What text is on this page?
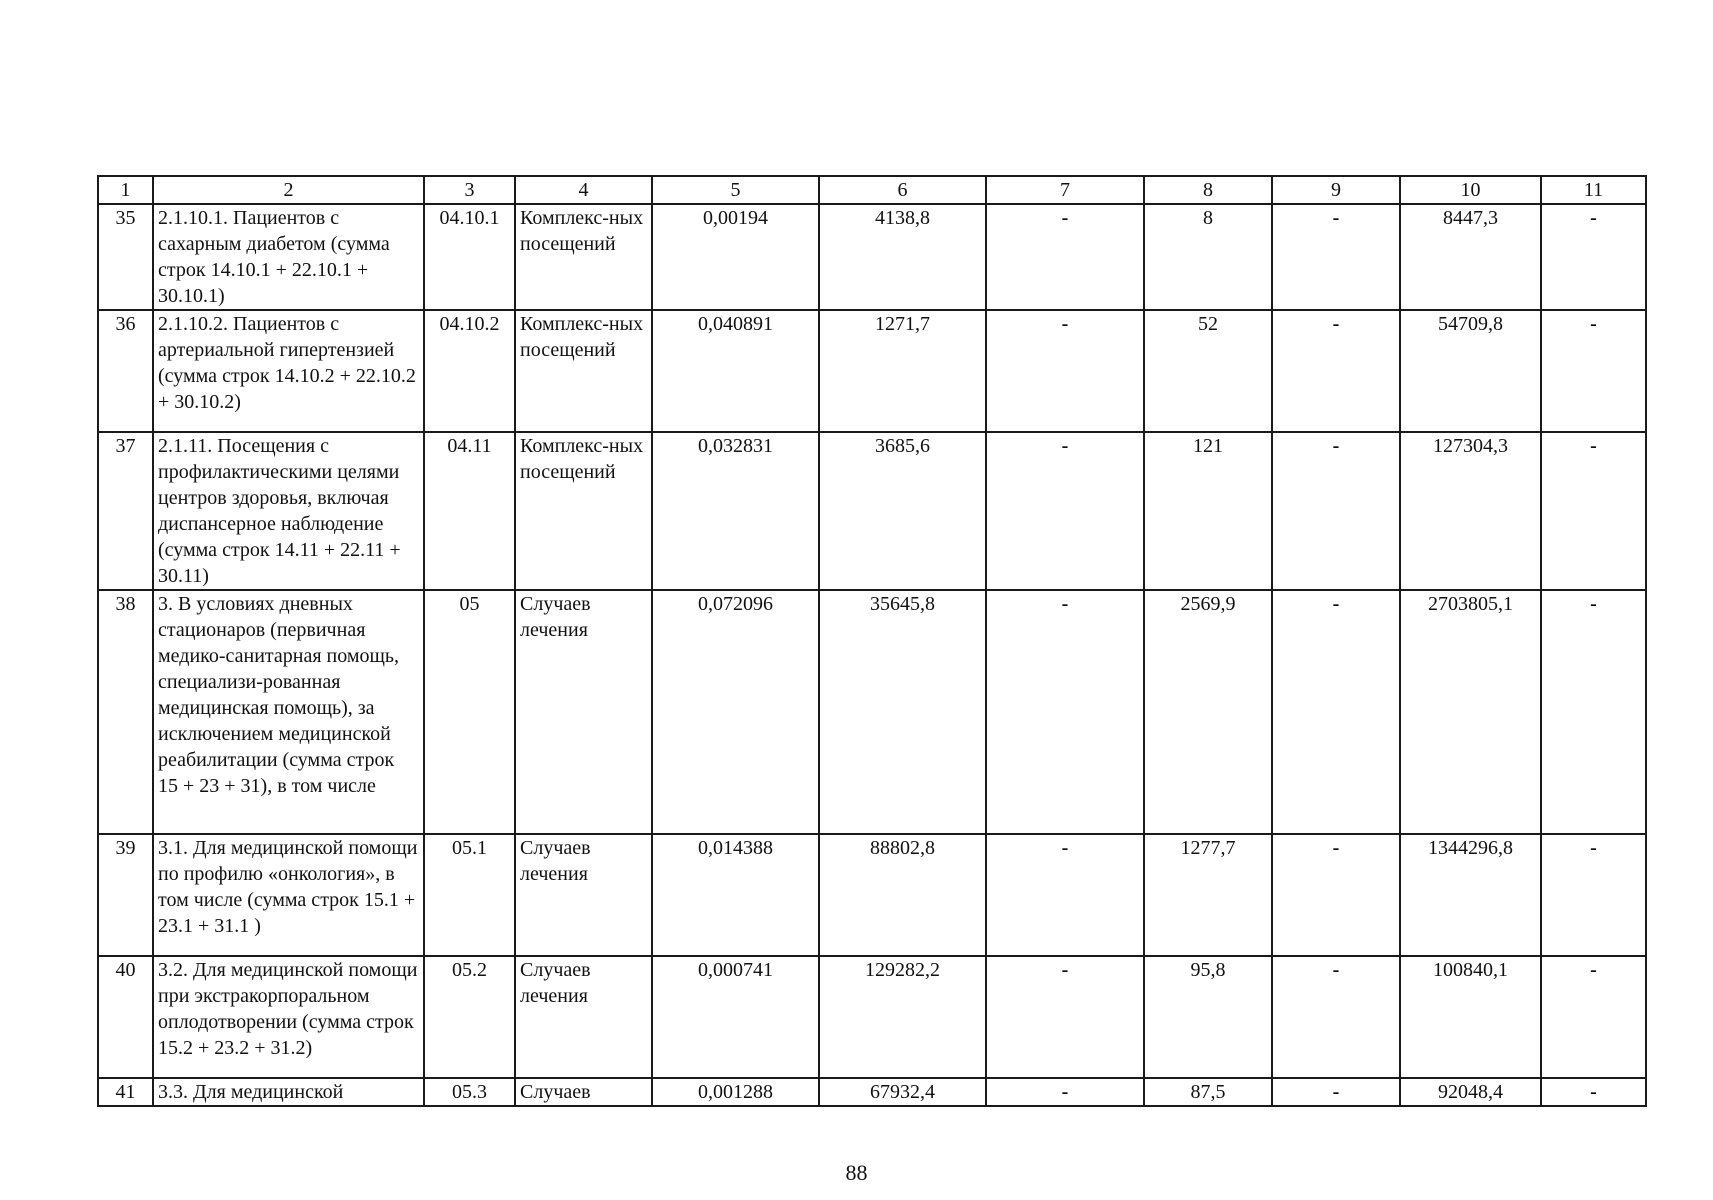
1	2	3	4	5	6	7	8	9	10	11
35	2.1.10.1. Пациентов с сахарным диабетом (сумма строк 14.10.1 + 22.10.1 + 30.10.1)	04.10.1	Комплекс-ных посещений	0,00194	4138,8	-	8	-	8447,3	-
36	2.1.10.2. Пациентов с артериальной гипертензией (сумма строк 14.10.2 + 22.10.2 + 30.10.2)	04.10.2	Комплекс-ных посещений	0,040891	1271,7	-	52	-	54709,8	-
37	2.1.11. Посещения с профилактическими целями центров здоровья, включая диспансерное наблюдение (сумма строк 14.11 + 22.11 + 30.11)	04.11	Комплекс-ных посещений	0,032831	3685,6	-	121	-	127304,3	-
38	3. В условиях дневных стационаров (первичная медико-санитарная помощь, специализи-рованная медицинская помощь), за исключением медицинской реабилитации (сумма строк 15 + 23 + 31), в том числе	05	Случаев лечения	0,072096	35645,8	-	2569,9	-	2703805,1	-
39	3.1. Для медицинской помощи по профилю «онкология», в том числе (сумма строк 15.1 + 23.1 + 31.1 )	05.1	Случаев лечения	0,014388	88802,8	-	1277,7	-	1344296,8	-
40	3.2. Для медицинской помощи при экстракорпоральном оплодотворении (сумма строк 15.2 + 23.2 + 31.2)	05.2	Случаев лечения	0,000741	129282,2	-	95,8	-	100840,1	-
41	3.3. Для медицинской	05.3	Случаев	0,001288	67932,4	-	87,5	-	92048,4	-
88
